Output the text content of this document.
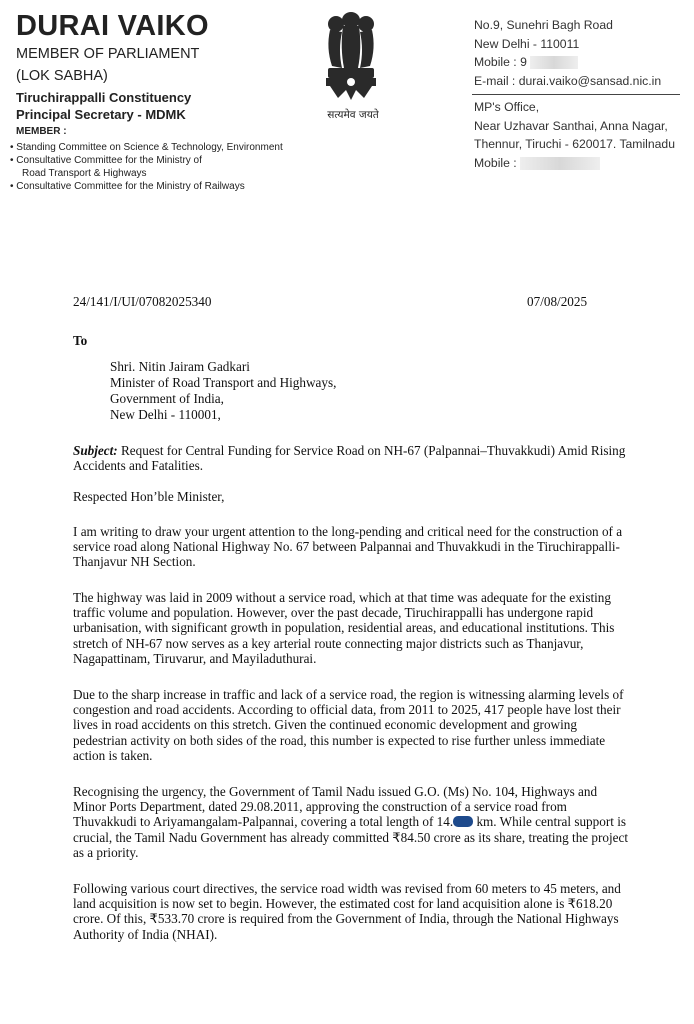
DURAI VAIKO
MEMBER OF PARLIAMENT
(LOK SABHA)
Tiruchirappalli Constituency
Principal Secretary - MDMK
MEMBER :
• Standing Committee on Science & Technology, Environment
• Consultative Committee for the Ministry of
Road Transport & Highways
• Consultative Committee for the Ministry of Railways
सत्यमेव जयते
No.9, Sunehri Bagh Road
New Delhi - 110011
Mobile : 9
E-mail : durai.vaiko@sansad.nic.in
MP's Office,
Near Uzhavar Santhai, Anna Nagar,
Thennur, Tiruchi - 620017. Tamilnadu
Mobile :
24/141/I/UI/07082025340	07/08/2025
To
Shri. Nitin Jairam Gadkari
Minister of Road Transport and Highways,
Government of India,
New Delhi - 110001,
Subject: Request for Central Funding for Service Road on NH-67 (Palpannai–Thuvakkudi) Amid Rising
Accidents and Fatalities.
Respected Hon’ble Minister,
I am writing to draw your urgent attention to the long-pending and critical need for the construction of a
service road along National Highway No. 67 between Palpannai and Thuvakkudi in the Tiruchirappalli-
Thanjavur NH Section.
The highway was laid in 2009 without a service road, which at that time was adequate for the existing
traffic volume and population. However, over the past decade, Tiruchirappalli has undergone rapid
urbanisation, with significant growth in population, residential areas, and educational institutions. This
stretch of NH-67 now serves as a key arterial route connecting major districts such as Thanjavur,
Nagapattinam, Tiruvarur, and Mayiladuthurai.
Due to the sharp increase in traffic and lack of a service road, the region is witnessing alarming levels of
congestion and road accidents. According to official data, from 2011 to 2025, 417 people have lost their
lives in road accidents on this stretch. Given the continued economic development and growing
pedestrian activity on both sides of the road, this number is expected to rise further unless immediate
action is taken.
Recognising the urgency, the Government of Tamil Nadu issued G.O. (Ms) No. 104, Highways and
Minor Ports Department, dated 29.08.2011, approving the construction of a service road from
Thuvakkudi to Ariyamangalam-Palpannai, covering a total length of 14. km. While central support is
crucial, the Tamil Nadu Government has already committed ₹84.50 crore as its share, treating the project
as a priority.
Following various court directives, the service road width was revised from 60 meters to 45 meters, and
land acquisition is now set to begin. However, the estimated cost for land acquisition alone is ₹618.20
crore. Of this, ₹533.70 crore is required from the Government of India, through the National Highways
Authority of India (NHAI).
